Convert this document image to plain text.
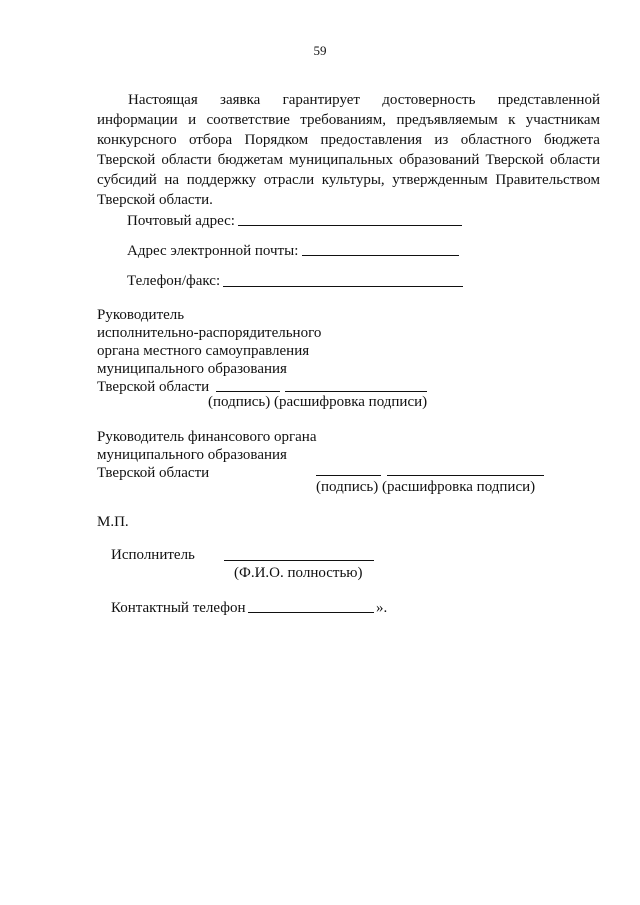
59
Настоящая заявка гарантирует достоверность представленной
информации и соответствие требованиям, предъявляемым к участникам
конкурсного отбора Порядком предоставления из областного бюджета
Тверской области бюджетам муниципальных образований Тверской области
субсидий на поддержку отрасли культуры, утвержденным Правительством
Тверской области.
Почтовый адрес:
Адрес электронной почты:
Телефон/факс:
Руководитель
исполнительно-распорядительного
органа местного самоуправления
муниципального образования
Тверской области
(подпись) (расшифровка подписи)
Руководитель финансового органа
муниципального образования
Тверской области
(подпись) (расшифровка подписи)
М.П.
Исполнитель
(Ф.И.О. полностью)
Контактный телефон	».
